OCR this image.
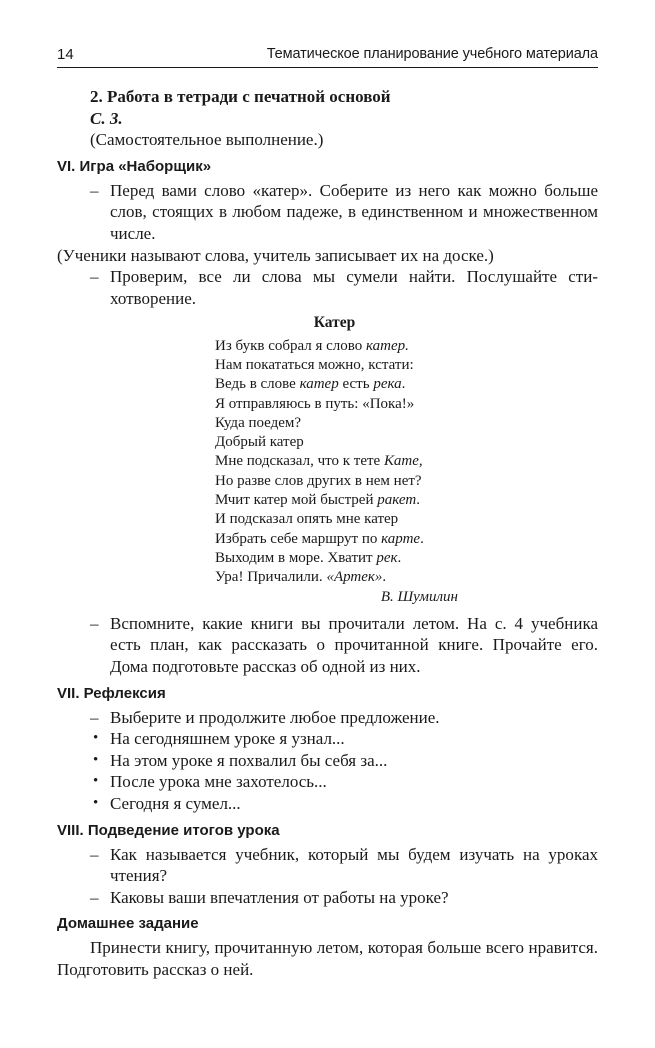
14	Тематическое планирование учебного материала

2. Работа в тетради с печатной основой

С. 3.

(Самостоятельное выполнение.)

VI. Игра «Наборщик»
– Перед вами слово «катер». Соберите из него как можно больше слов, стоящих в любом падеже, в единственном и множественном числе.

(Ученики называют слова, учитель записывает их на доске.)

– Проверим, все ли слова мы сумели найти. Послушайте стихотворение.
Катер
Из букв собрал я слово катер.
Нам покататься можно, кстати:
Ведь в слове катер есть река.
Я отправляюсь в путь: «Пока!»
Куда поедем?
Добрый катер
Мне подсказал, что к тете Кате,
Но разве слов других в нем нет?
Мчит катер мой быстрей ракет.
И подсказал опять мне катер
Избрать себе маршрут по карте.
Выходим в море. Хватит рек.
Ура! Причалили. «Артек».
В. Шумилин
– Вспомните, какие книги вы прочитали летом. На с. 4 учебника есть план, как рассказать о прочитанной книге. Прочайте его. Дома подготовьте рассказ об одной из них.
VII. Рефлексия
– Выберите и продолжите любое предложение.
• На сегодняшнем уроке я узнал...
• На этом уроке я похвалил бы себя за...
• После урока мне захотелось...
• Сегодня я сумел...
VIII. Подведение итогов урока
– Как называется учебник, который мы будем изучать на уроках чтения?
– Каковы ваши впечатления от работы на уроке?
Домашнее задание

Принести книгу, прочитанную летом, которая больше всего нравится. Подготовить рассказ о ней.
